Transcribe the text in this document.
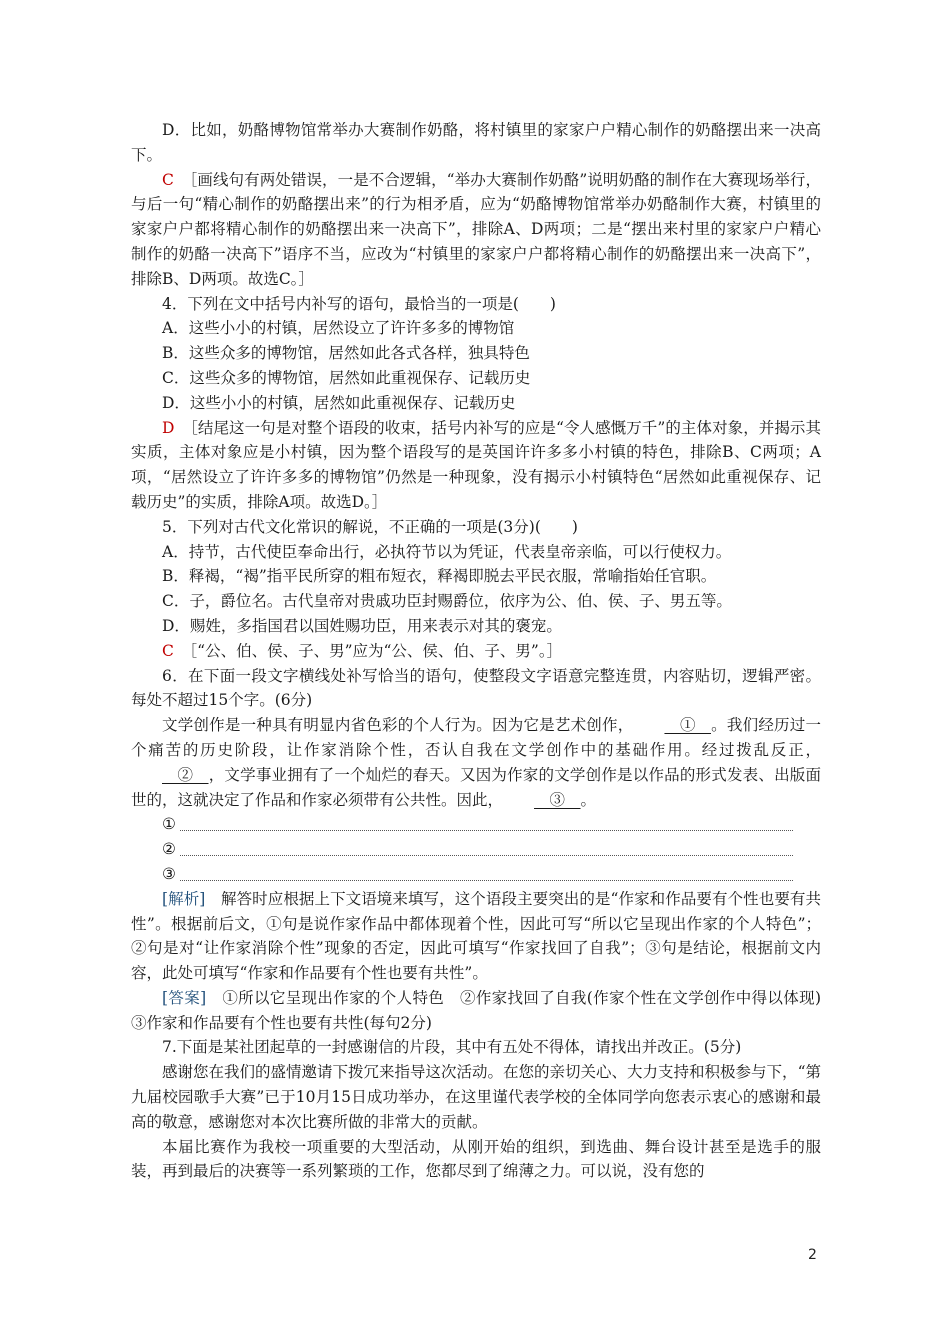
D．比如，奶酪博物馆常举办大赛制作奶酪，将村镇里的家家户户精心制作的奶酪摆出来一决高下。

C　 ［画线句有两处错误，一是不合逻辑，“举办大赛制作奶酪”说明奶酪的制作在大赛现场举行，与后一句“精心制作的奶酪摆出来”的行为相矛盾，应为“奶酪博物馆常举办奶酪制作大赛，村镇里的家家户户都将精心制作的奶酪摆出来一决高下”，排除A、D两项；二是“摆出来村里的家家户户精心制作的奶酪一决高下”语序不当，应改为“村镇里的家家户户都将精心制作的奶酪摆出来一决高下”，排除B、D两项。故选C。］

4．下列在文中括号内补写的语句，最恰当的一项是(　　)

A．这些小小的村镇，居然设立了许许多多的博物馆

B．这些众多的博物馆，居然如此各式各样，独具特色

C．这些众多的博物馆，居然如此重视保存、记载历史

D．这些小小的村镇，居然如此重视保存、记载历史

D　 ［结尾这一句是对整个语段的收束，括号内补写的应是“令人感慨万千”的主体对象，并揭示其实质，主体对象应是小村镇，因为整个语段写的是英国许许多多小村镇的特色，排除B、C两项；A项，“居然设立了许许多多的博物馆”仍然是一种现象，没有揭示小村镇特色“居然如此重视保存、记载历史”的实质，排除A项。故选D。］

5．下列对古代文化常识的解说，不正确的一项是(3分)(　　)

A．持节，古代使臣奉命出行，必执符节以为凭证，代表皇帝亲临，可以行使权力。

B．释褐，“褐”指平民所穿的粗布短衣，释褐即脱去平民衣服，常喻指始任官职。

C．子，爵位名。古代皇帝对贵戚功臣封赐爵位，依序为公、伯、侯、子、男五等。

D．赐姓，多指国君以国姓赐功臣，用来表示对其的褒宠。

C　 ［“公、伯、侯、子、男”应为“公、侯、伯、子、男”。］

6．在下面一段文字横线处补写恰当的语句，使整段文字语意完整连贯，内容贴切，逻辑严密。每处不超过15个字。(6分)

文学创作是一种具有明显内省色彩的个人行为。因为它是艺术创作，　①　。我们经历过一个痛苦的历史阶段，让作家消除个性，否认自我在文学创作中的基础作用。经过拨乱反正，　②　，文学事业拥有了一个灿烂的春天。又因为作家的文学创作是以作品的形式发表、出版面世的，这就决定了作品和作家必须带有公共性。因此，　③　。

①
②
③

[解析]　解答时应根据上下文语境来填写，这个语段主要突出的是“作家和作品要有个性也要有共性”。根据前后文，①句是说作家作品中都体现着个性，因此可写“所以它呈现出作家的个人特色”；②句是对“让作家消除个性”现象的否定，因此可填写“作家找回了自我”；③句是结论，根据前文内容，此处可填写“作家和作品要有个性也要有共性”。

[答案]　①所以它呈现出作家的个人特色　②作家找回了自我(作家个性在文学创作中得以体现)　③作家和作品要有个性也要有共性(每句2分)

7.下面是某社团起草的一封感谢信的片段，其中有五处不得体，请找出并改正。(5分)

感谢您在我们的盛情邀请下拨冗来指导这次活动。在您的亲切关心、大力支持和积极参与下，“第九届校园歌手大赛”已于10月15日成功举办，在这里谨代表学校的全体同学向您表示衷心的感谢和最高的敬意，感谢您对本次比赛所做的非常大的贡献。

本届比赛作为我校一项重要的大型活动，从刚开始的组织，到选曲、舞台设计甚至是选手的服装，再到最后的决赛等一系列繁琐的工作，您都尽到了绵薄之力。可以说，没有您的

2
